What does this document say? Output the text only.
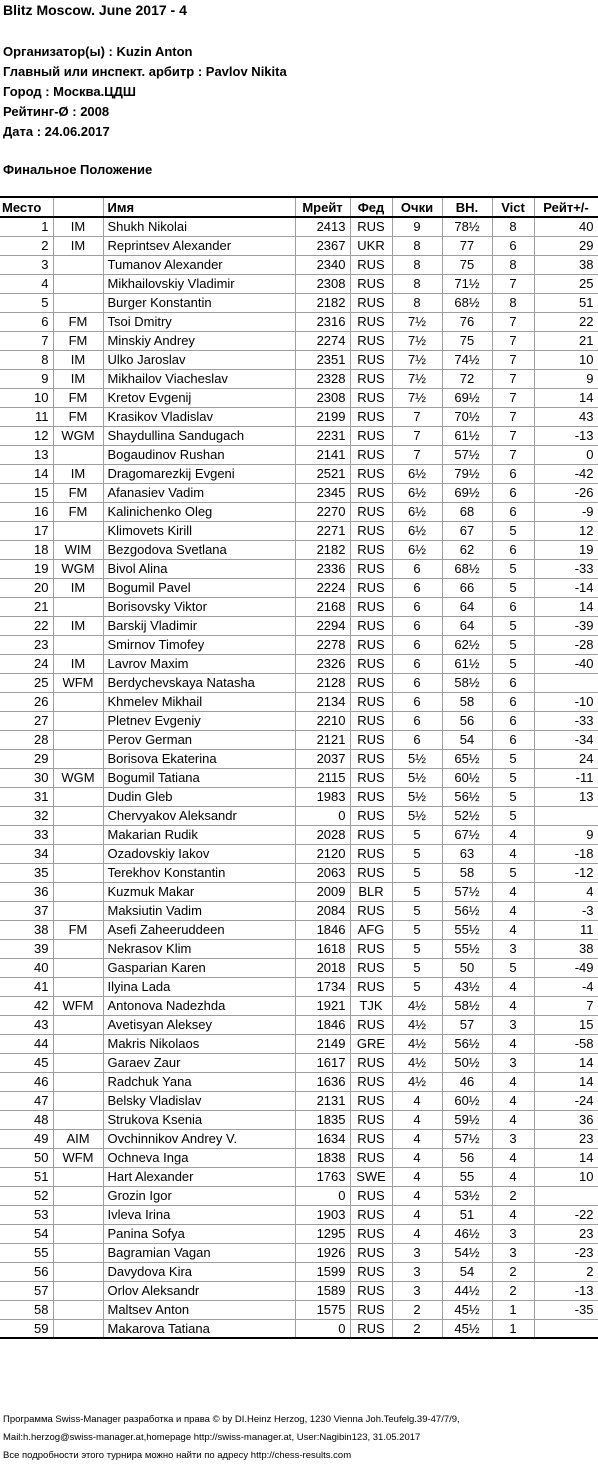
Blitz Moscow. June 2017 - 4
Организатор(ы) : Kuzin Anton
Главный или инспект. арбитр : Pavlov Nikita
Город : Москва.ЦДШ
Рейтинг-Ø : 2008
Дата : 24.06.2017
Финальное Положение
Место		Имя	Мрейт	Фед	Очки	ВН.	Vict	Рейт+/-
1	IM	Shukh Nikolai	2413	RUS	9	78½	8	40
2	IM	Reprintsev Alexander	2367	UKR	8	77	6	29
3		Tumanov Alexander	2340	RUS	8	75	8	38
4		Mikhailovskiy Vladimir	2308	RUS	8	71½	7	25
5		Burger Konstantin	2182	RUS	8	68½	8	51
6	FM	Tsoi Dmitry	2316	RUS	7½	76	7	22
7	FM	Minskiy Andrey	2274	RUS	7½	75	7	21
8	IM	Ulko Jaroslav	2351	RUS	7½	74½	7	10
9	IM	Mikhailov Viacheslav	2328	RUS	7½	72	7	9
10	FM	Kretov Evgenij	2308	RUS	7½	69½	7	14
11	FM	Krasikov Vladislav	2199	RUS	7	70½	7	43
12	WGM	Shaydullina Sandugach	2231	RUS	7	61½	7	-13
13		Bogaudinov Rushan	2141	RUS	7	57½	7	0
14	IM	Dragomarezkij Evgeni	2521	RUS	6½	79½	6	-42
15	FM	Afanasiev Vadim	2345	RUS	6½	69½	6	-26
16	FM	Kalinichenko Oleg	2270	RUS	6½	68	6	-9
17		Klimovets Kirill	2271	RUS	6½	67	5	12
18	WIM	Bezgodova Svetlana	2182	RUS	6½	62	6	19
19	WGM	Bivol Alina	2336	RUS	6	68½	5	-33
20	IM	Bogumil Pavel	2224	RUS	6	66	5	-14
21		Borisovsky Viktor	2168	RUS	6	64	6	14
22	IM	Barskij Vladimir	2294	RUS	6	64	5	-39
23		Smirnov Timofey	2278	RUS	6	62½	5	-28
24	IM	Lavrov Maxim	2326	RUS	6	61½	5	-40
25	WFM	Berdychevskaya Natasha	2128	RUS	6	58½	6	
26		Khmelev Mikhail	2134	RUS	6	58	6	-10
27		Pletnev Evgeniy	2210	RUS	6	56	6	-33
28		Perov German	2121	RUS	6	54	6	-34
29		Borisova Ekaterina	2037	RUS	5½	65½	5	24
30	WGM	Bogumil Tatiana	2115	RUS	5½	60½	5	-11
31		Dudin Gleb	1983	RUS	5½	56½	5	13
32		Chervyakov Aleksandr	0	RUS	5½	52½	5	
33		Makarian Rudik	2028	RUS	5	67½	4	9
34		Ozadovskiy Iakov	2120	RUS	5	63	4	-18
35		Terekhov Konstantin	2063	RUS	5	58	5	-12
36		Kuzmuk Makar	2009	BLR	5	57½	4	4
37		Maksiutin Vadim	2084	RUS	5	56½	4	-3
38	FM	Asefi Zaheeruddeen	1846	AFG	5	55½	4	11
39		Nekrasov Klim	1618	RUS	5	55½	3	38
40		Gasparian Karen	2018	RUS	5	50	5	-49
41		Ilyina Lada	1734	RUS	5	43½	4	-4
42	WFM	Antonova Nadezhda	1921	TJK	4½	58½	4	7
43		Avetisyan Aleksey	1846	RUS	4½	57	3	15
44		Makris Nikolaos	2149	GRE	4½	56½	4	-58
45		Garaev Zaur	1617	RUS	4½	50½	3	14
46		Radchuk Yana	1636	RUS	4½	46	4	14
47		Belsky Vladislav	2131	RUS	4	60½	4	-24
48		Strukova Ksenia	1835	RUS	4	59½	4	36
49	AIM	Ovchinnikov Andrey V.	1634	RUS	4	57½	3	23
50	WFM	Ochneva Inga	1838	RUS	4	56	4	14
51		Hart Alexander	1763	SWE	4	55	4	10
52		Grozin Igor	0	RUS	4	53½	2	
53		Ivleva Irina	1903	RUS	4	51	4	-22
54		Panina Sofya	1295	RUS	4	46½	3	23
55		Bagramian Vagan	1926	RUS	3	54½	3	-23
56		Davydova Kira	1599	RUS	3	54	2	2
57		Orlov Aleksandr	1589	RUS	3	44½	2	-13
58		Maltsev Anton	1575	RUS	2	45½	1	-35
59		Makarova Tatiana	0	RUS	2	45½	1	
Программа Swiss-Manager разработка и права © by DI.Heinz Herzog, 1230 Vienna Joh.Teufelg.39-47/7/9,
Mail:h.herzog@swiss-manager.at,homepage http://swiss-manager.at, User:Nagibin123, 31.05.2017
Все подробности этого турнира можно найти по адресу http://chess-results.com
